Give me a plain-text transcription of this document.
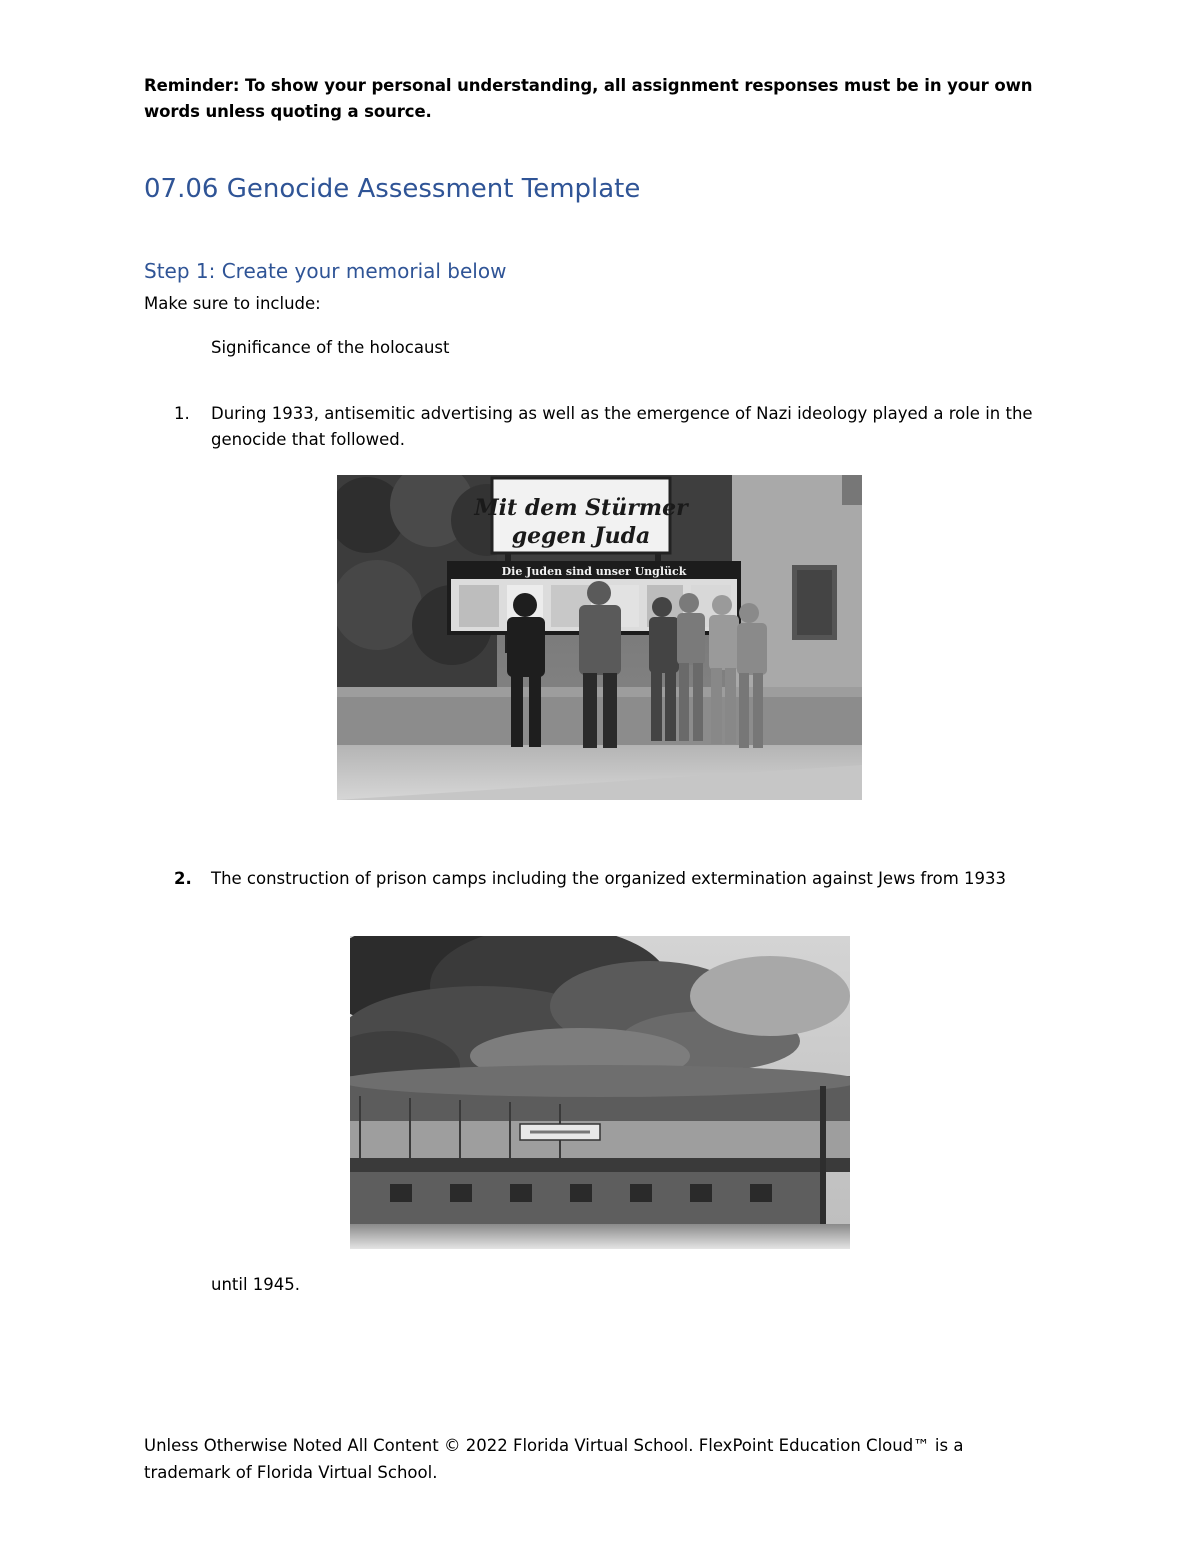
Reminder: To show your personal understanding, all assignment responses must be in your own words unless quoting a source.
07.06 Genocide Assessment Template
Step 1: Create your memorial below
Make sure to include:
Significance of the holocaust
1. During 1933, antisemitic advertising as well as the emergence of Nazi ideology played a role in the genocide that followed.
Mit dem Stürmer
gegen Juda
Die Juden sind unser Unglück
2. The construction of prison camps including the organized extermination against Jews from 1933
until 1945.
Unless Otherwise Noted All Content © 2022 Florida Virtual School. FlexPoint Education Cloud™ is a trademark of Florida Virtual School.
